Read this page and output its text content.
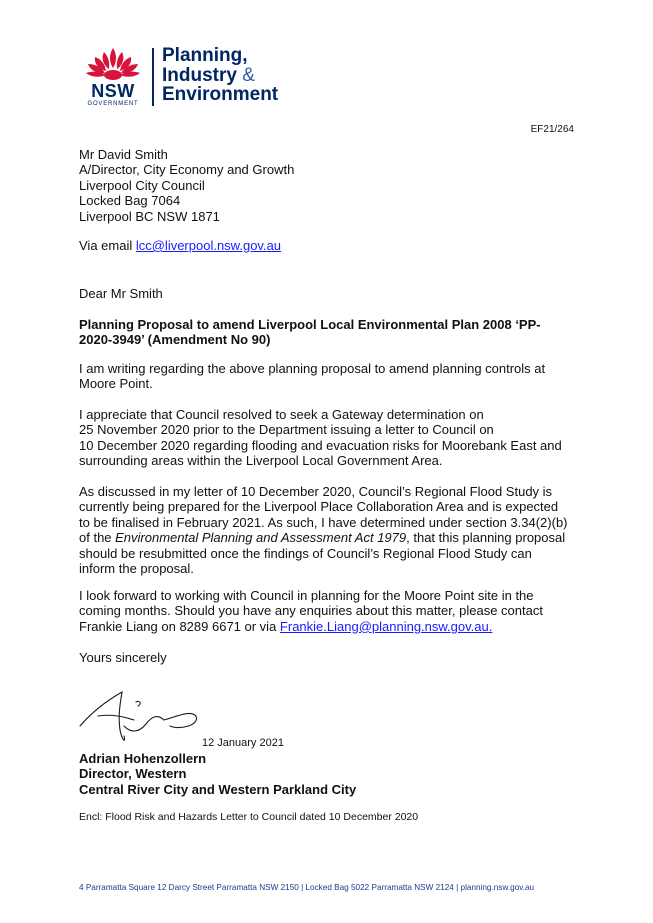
NSW
GOVERNMENT
Planning,
Industry &
Environment
EF21/264
Mr David Smith
A/Director, City Economy and Growth
Liverpool City Council
Locked Bag 7064
Liverpool BC NSW 1871
Via email lcc@liverpool.nsw.gov.au
Dear Mr Smith
Planning Proposal to amend Liverpool Local Environmental Plan 2008 ‘PP-
2020-3949’ (Amendment No 90)
I am writing regarding the above planning proposal to amend planning controls at
Moore Point.
I appreciate that Council resolved to seek a Gateway determination on
25 November 2020 prior to the Department issuing a letter to Council on
10 December 2020 regarding flooding and evacuation risks for Moorebank East and
surrounding areas within the Liverpool Local Government Area.
As discussed in my letter of 10 December 2020, Council’s Regional Flood Study is
currently being prepared for the Liverpool Place Collaboration Area and is expected
to be finalised in February 2021. As such, I have determined under section 3.34(2)(b)
of the Environmental Planning and Assessment Act 1979, that this planning proposal
should be resubmitted once the findings of Council’s Regional Flood Study can
inform the proposal.
I look forward to working with Council in planning for the Moore Point site in the
coming months. Should you have any enquiries about this matter, please contact
Frankie Liang on 8289 6671 or via Frankie.Liang@planning.nsw.gov.au.
Yours sincerely
12 January 2021
Adrian Hohenzollern
Director, Western
Central River City and Western Parkland City
Encl: Flood Risk and Hazards Letter to Council dated 10 December 2020
4 Parramatta Square 12 Darcy Street Parramatta NSW 2150 | Locked Bag 5022 Parramatta NSW 2124 | planning.nsw.gov.au
